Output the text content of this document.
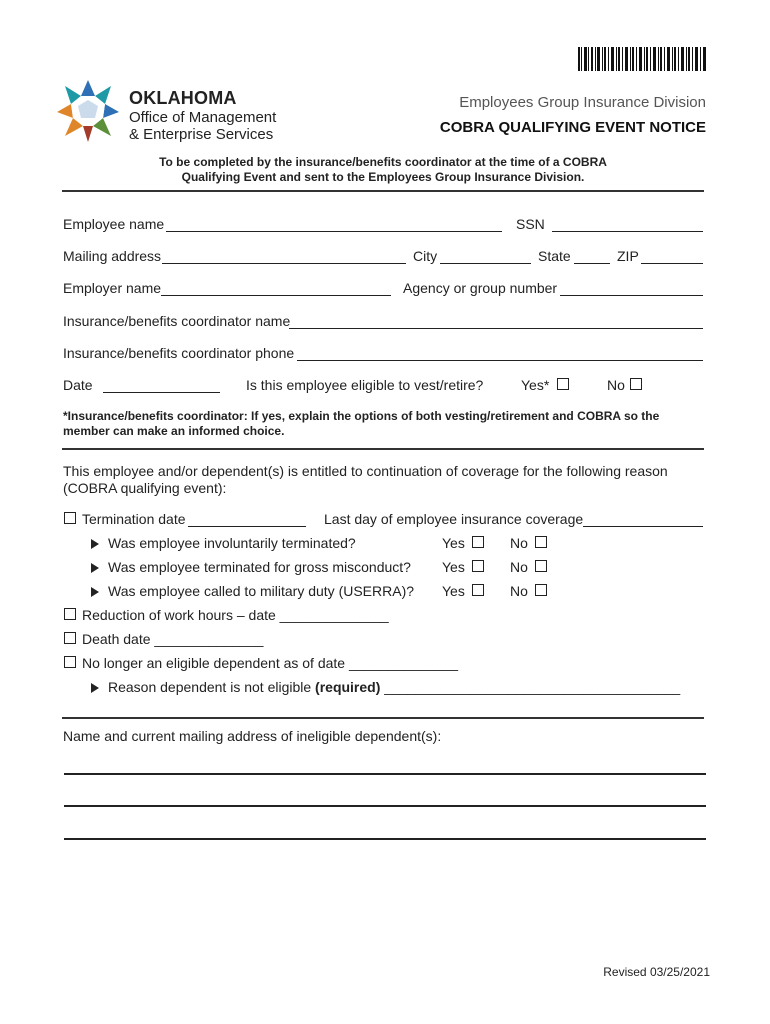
OKLAHOMA
Office of Management
& Enterprise Services
Employees Group Insurance Division
COBRA QUALIFYING EVENT NOTICE
To be completed by the insurance/benefits coordinator at the time of a COBRA
Qualifying Event and sent to the Employees Group Insurance Division.
Employee name	SSN
Mailing address	City	State	ZIP
Employer name	Agency or group number
Insurance/benefits coordinator name
Insurance/benefits coordinator phone
Date	Is this employee eligible to vest/retire?	Yes*	No
*Insurance/benefits coordinator: If yes, explain the options of both vesting/retirement and COBRA so the
member can make an informed choice.
This employee and/or dependent(s) is entitled to continuation of coverage for the following reason
(COBRA qualifying event):
Termination date	Last day of employee insurance coverage
Was employee involuntarily terminated?	Yes	No
Was employee terminated for gross misconduct? Yes	No
Was employee called to military duty (USERRA)? Yes	No
Reduction of work hours – date ______________
Death date ______________
No longer an eligible dependent as of date ______________
Reason dependent is not eligible (required) ______________________________________
Name and current mailing address of ineligible dependent(s):
Revised 03/25/2021
